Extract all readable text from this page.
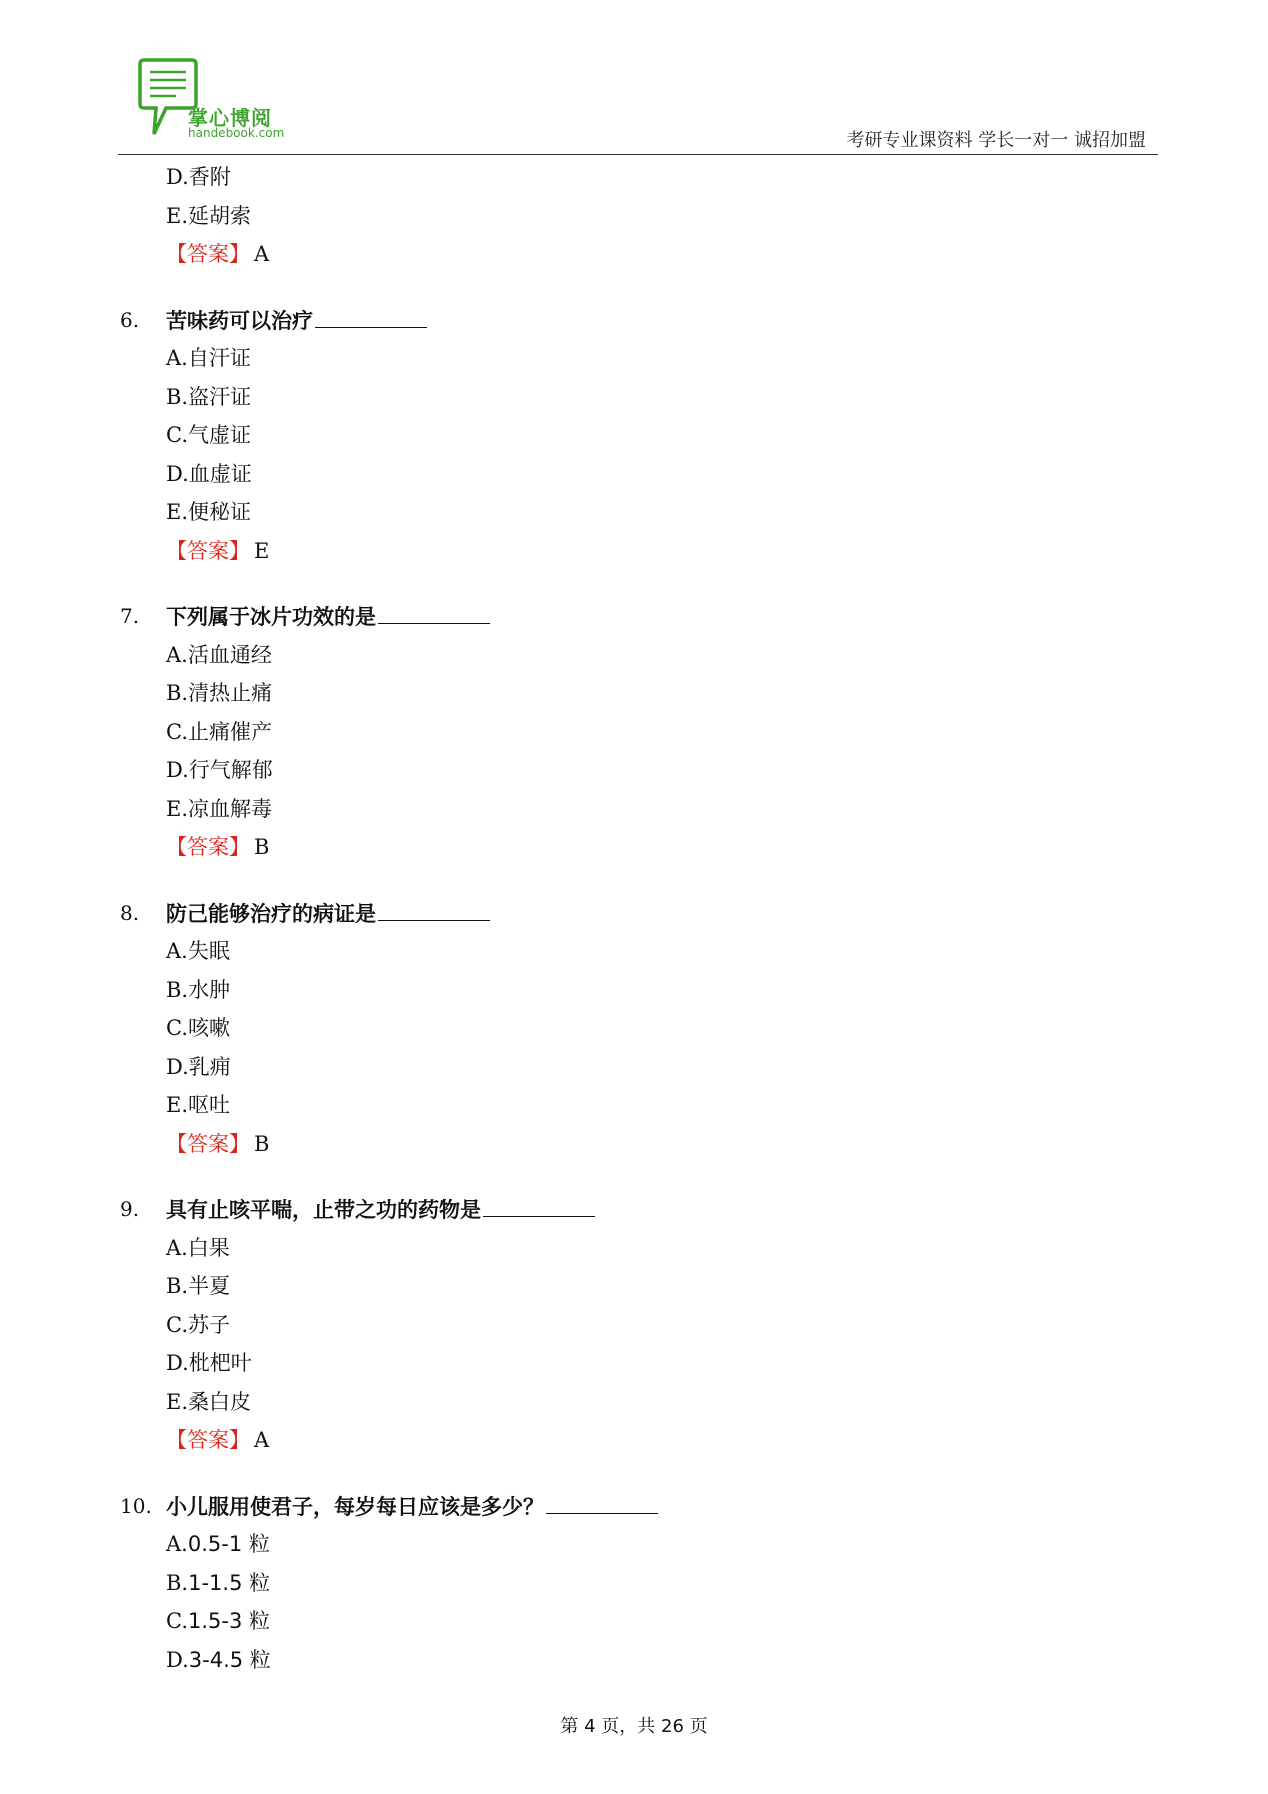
掌心博阅
handebook.com	考研专业课资料 学长一对一 诚招加盟
D.香附
E.延胡索
【答案】 A
6. 苦味药可以治疗
A.自汗证
B.盗汗证
C.气虚证
D.血虚证
E.便秘证
【答案】 E
7. 下列属于冰片功效的是
A.活血通经
B.清热止痛
C.止痛催产
D.行气解郁
E.凉血解毒
【答案】 B
8. 防己能够治疗的病证是
A.失眠
B.水肿
C.咳嗽
D.乳痈
E.呕吐
【答案】 B
9. 具有止咳平喘，止带之功的药物是
A.白果
B.半夏
C.苏子
D.枇杷叶
E.桑白皮
【答案】 A
10. 小儿服用使君子，每岁每日应该是多少？
A.0.5-1 粒
B.1-1.5 粒
C.1.5-3 粒
D.3-4.5 粒
第 4 页，共 26 页
